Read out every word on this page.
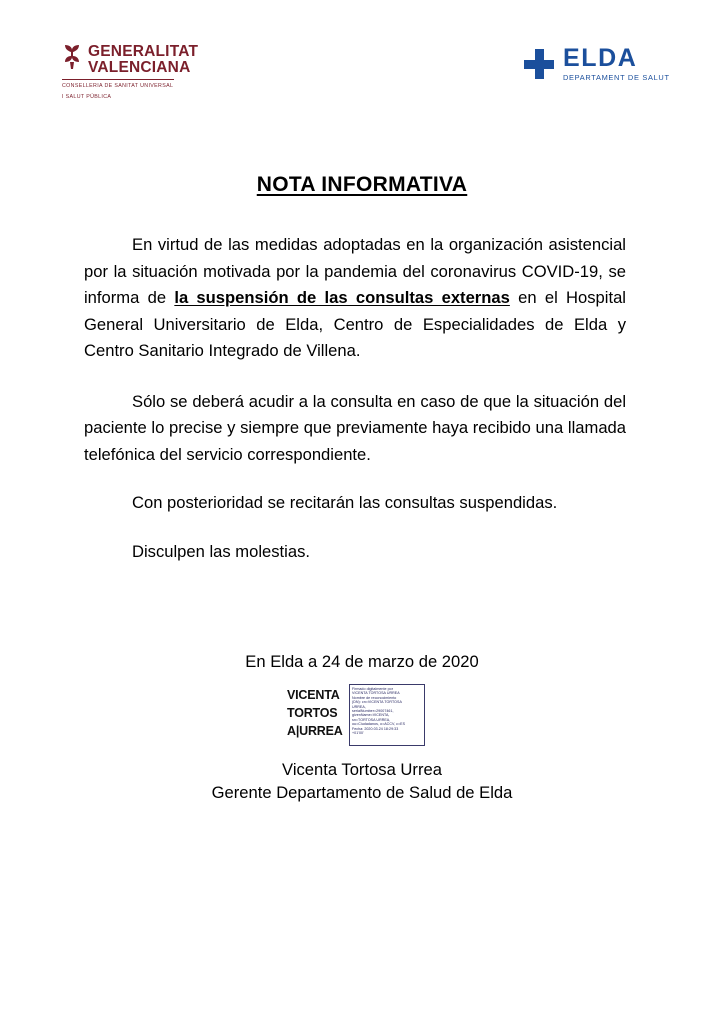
GENERALITAT
VALENCIANA
CONSELLERIA DE SANITAT UNIVERSAL
I SALUT PÚBLICA
ELDA
DEPARTAMENT DE SALUT
NOTA INFORMATIVA

En virtud de las medidas adoptadas en la organización asistencial por la situación motivada por la pandemia del coronavirus COVID-19, se informa de la suspensión de las consultas externas en el Hospital General Universitario de Elda, Centro de Especialidades de Elda y Centro Sanitario Integrado de Villena.

Sólo se deberá acudir a la consulta en caso de que la situación del paciente lo precise y siempre que previamente haya recibido una llamada telefónica del servicio correspondiente.

Con posterioridad se recitarán las consultas suspendidas.

Disculpen las molestias.

En Elda a 24 de marzo de 2020
VICENTA
TORTOS
A|URREA
Firmado digitalmente por
VICENTA TORTOSA URREA
Nombre de reconocimiento
(DN): cn=VICENTA TORTOSA
URREA,
serialNumber=29007461,
givenName=VICENTA,
sn=TORTOSA URREA,
ou=Ciudadanos, o=ACCV, c=ES
Fecha: 2020.03.24 18:29:33
+01'00'
Vicenta Tortosa Urrea
Gerente Departamento de Salud de Elda
